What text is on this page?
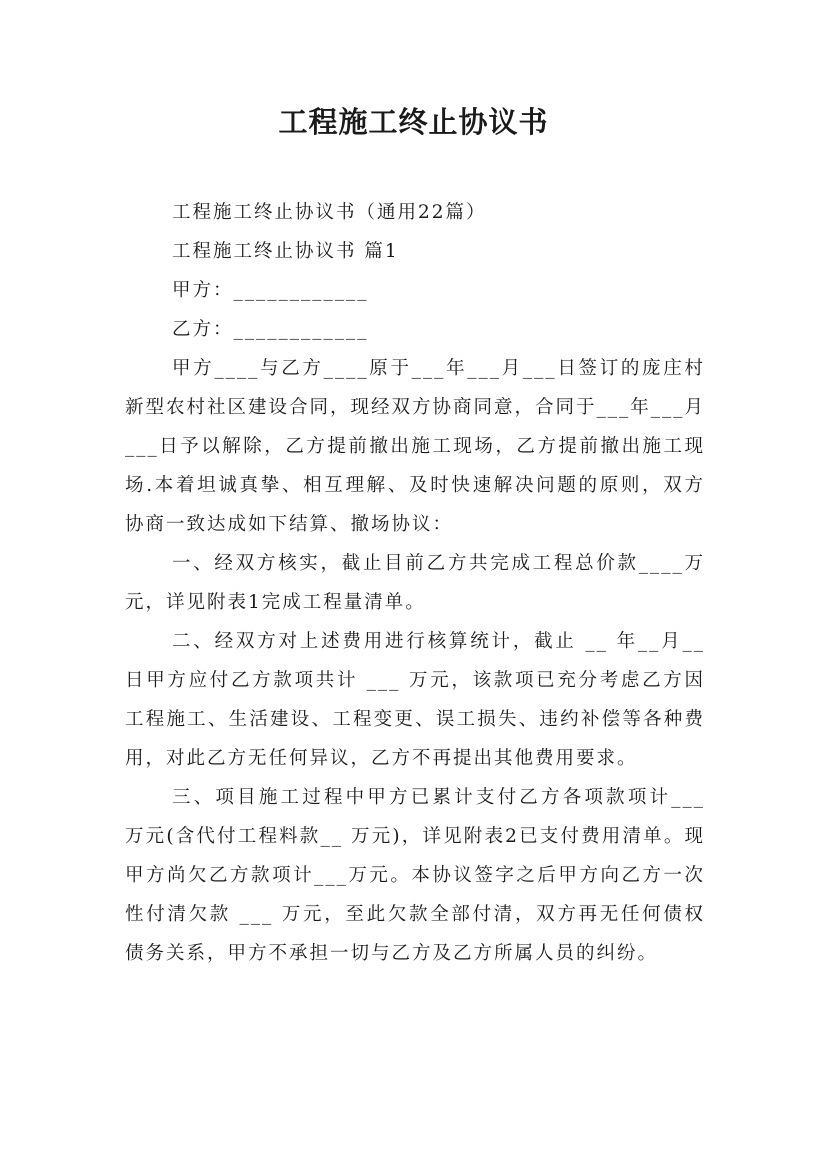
工程施工终止协议书

工程施工终止协议书（通用22篇）

工程施工终止协议书 篇1

甲方：____________

乙方：____________

甲方____与乙方____原于___年___月___日签订的庞庄村新型农村社区建设合同，现经双方协商同意，合同于___年___月___日予以解除，乙方提前撤出施工现场，乙方提前撤出施工现场.本着坦诚真挚、相互理解、及时快速解决问题的原则，双方协商一致达成如下结算、撤场协议：

一、经双方核实，截止目前乙方共完成工程总价款____万元，详见附表1完成工程量清单。

二、经双方对上述费用进行核算统计，截止 __ 年__月__ 日甲方应付乙方款项共计 ___ 万元，该款项已充分考虑乙方因工程施工、生活建设、工程变更、误工损失、违约补偿等各种费用，对此乙方无任何异议，乙方不再提出其他费用要求。

三、项目施工过程中甲方已累计支付乙方各项款项计___ 万元(含代付工程料款__ 万元)，详见附表2已支付费用清单。现甲方尚欠乙方款项计___万元。本协议签字之后甲方向乙方一次性付清欠款 ___ 万元，至此欠款全部付清，双方再无任何债权债务关系，甲方不承担一切与乙方及乙方所属人员的纠纷。
